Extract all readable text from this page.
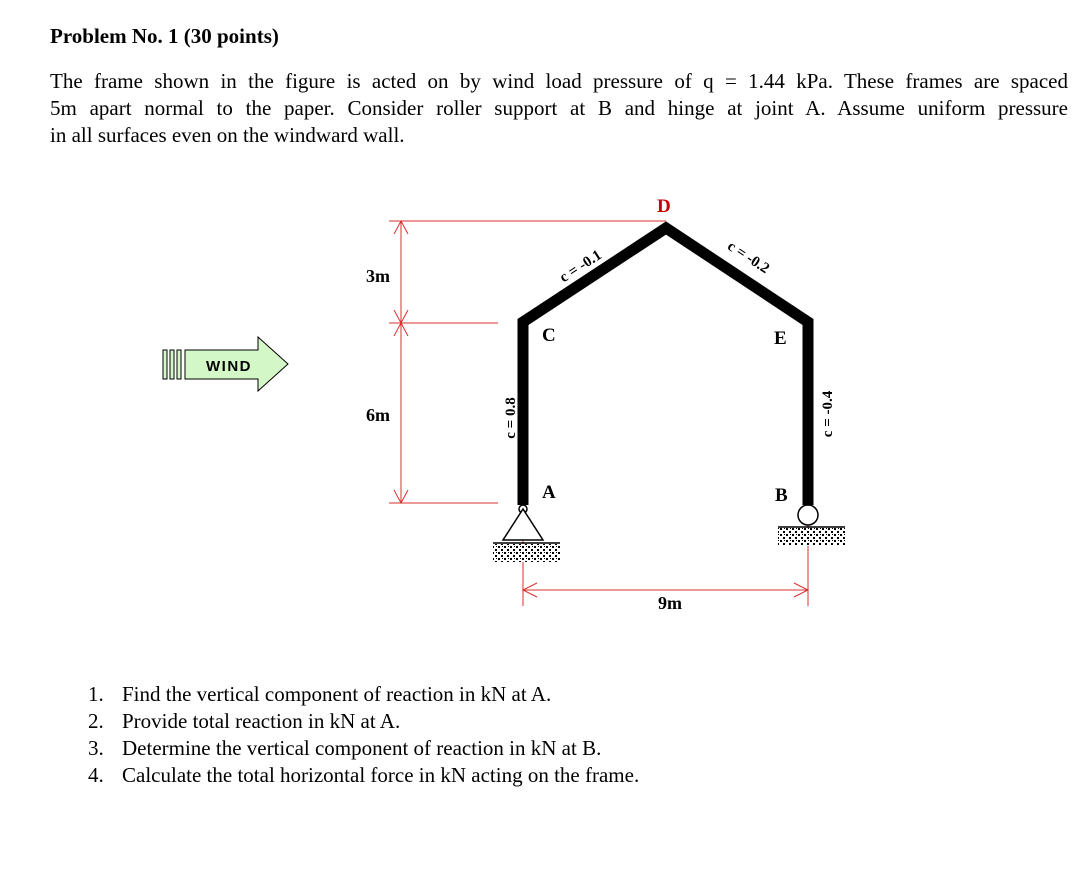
Problem No. 1 (30 points)

The frame shown in the figure is acted on by wind load pressure of q = 1.44 kPa. These frames are spaced
5m apart normal to the paper. Consider roller support at B and hinge at joint A. Assume uniform pressure
in all surfaces even on the windward wall.

WIND
3m
6m
9m
D
C	E
A	B
c = 0.8
c = -0.1	c = -0.2
c = -0.4
1. Find the vertical component of reaction in kN at A.
2. Provide total reaction in kN at A.
3. Determine the vertical component of reaction in kN at B.
4. Calculate the total horizontal force in kN acting on the frame.
